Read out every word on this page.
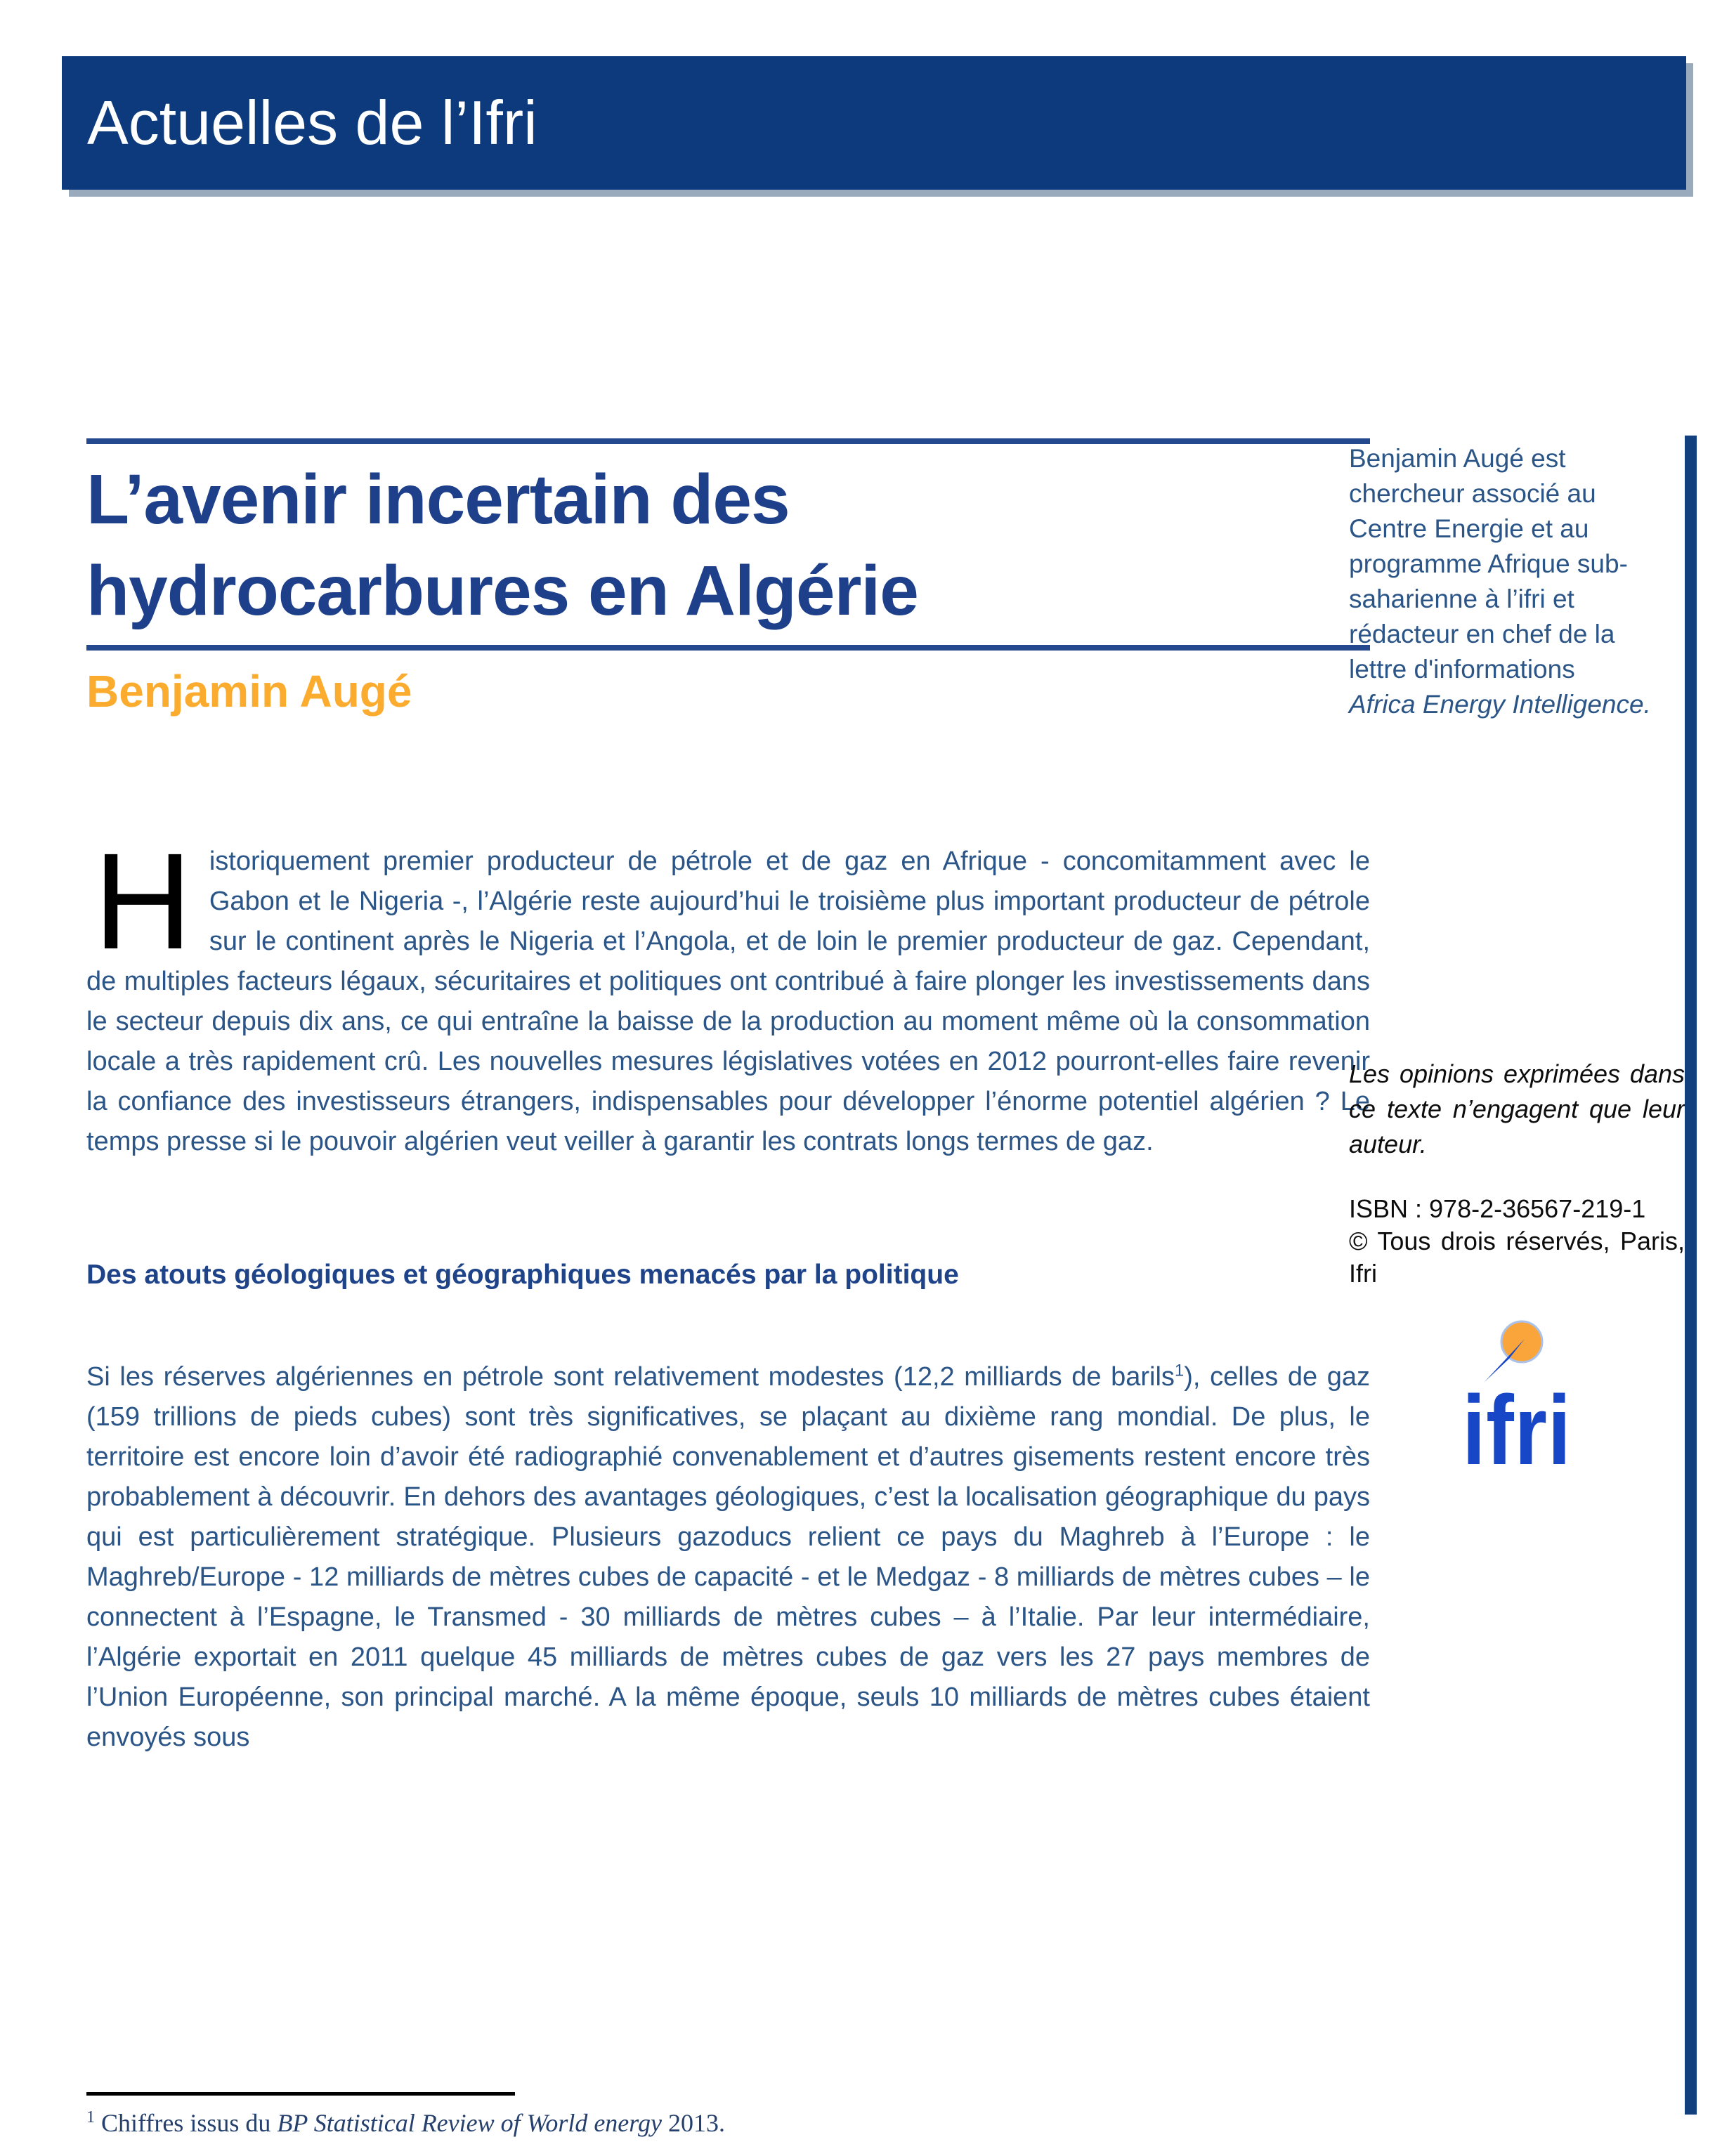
Actuelles de l’Ifri
L’avenir incertain des
hydrocarbures en Algérie
Benjamin Augé

Historiquement premier producteur de pétrole et de gaz en Afrique - concomitamment avec le Gabon et le Nigeria -, l’Algérie reste aujourd’hui le troisième plus important producteur de pétrole sur le continent après le Nigeria et l’Angola, et de loin le premier producteur de gaz. Cependant, de multiples facteurs légaux, sécuritaires et politiques ont contribué à faire plonger les investissements dans le secteur depuis dix ans, ce qui entraîne la baisse de la production au moment même où la consommation locale a très rapidement crû. Les nouvelles mesures législatives votées en 2012 pourront-elles faire revenir la confiance des investisseurs étrangers, indispensables pour développer l’énorme potentiel algérien ? Le temps presse si le pouvoir algérien veut veiller à garantir les contrats longs termes de gaz.

Des atouts géologiques et géographiques menacés par la politique

Si les réserves algériennes en pétrole sont relativement modestes (12,2 milliards de barils$^1$), celles de gaz (159 trillions de pieds cubes) sont très significatives, se plaçant au dixième rang mondial. De plus, le territoire est encore loin d’avoir été radiographié convenablement et d’autres gisements restent encore très probablement à découvrir. En dehors des avantages géologiques, c’est la localisation géographique du pays qui est particulièrement stratégique. Plusieurs gazoducs relient ce pays du Maghreb à l’Europe : le Maghreb/Europe - 12 milliards de mètres cubes de capacité - et le Medgaz - 8 milliards de mètres cubes – le connectent à l’Espagne, le Transmed - 30 milliards de mètres cubes – à l’Italie. Par leur intermédiaire, l’Algérie exportait en 2011 quelque 45 milliards de mètres cubes de gaz vers les 27 pays membres de l’Union Européenne, son principal marché. A la même époque, seuls 10 milliards de mètres cubes étaient envoyés sous

Benjamin Augé est
chercheur associé au
Centre Energie et au
programme Afrique sub-
saharienne à l’ifri et
rédacteur en chef de la
lettre d'informations
Africa Energy Intelligence.
Les opinions exprimées dans ce texte n’engagent que leur auteur.
ISBN : 978-2-36567-219-1
© Tous drois réservés, Paris, Ifri
ifri
$^1$ Chiffres issus du BP Statistical Review of World energy 2013.
